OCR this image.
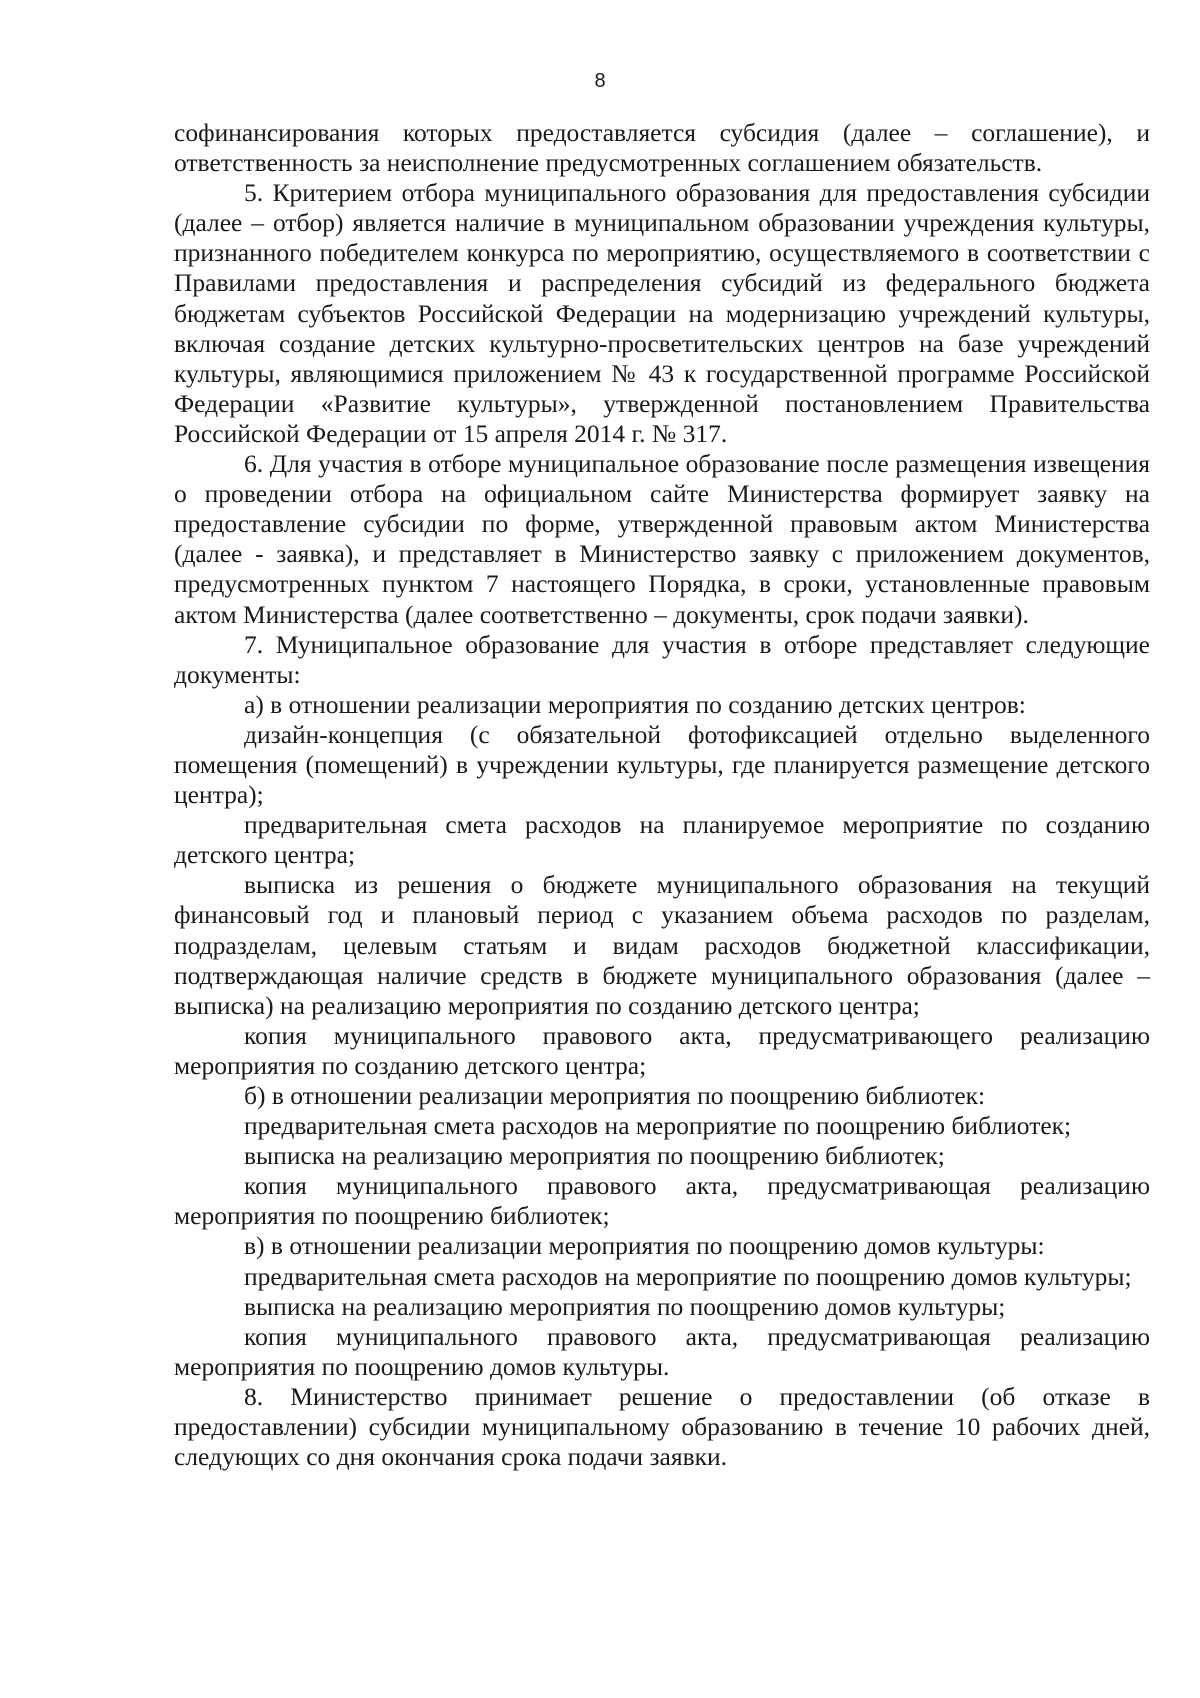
8

софинансирования которых предоставляется субсидия (далее – соглашение), и ответственность за неисполнение предусмотренных соглашением обязательств.

5. Критерием отбора муниципального образования для предоставления субсидии (далее – отбор) является наличие в муниципальном образовании учреждения культуры, признанного победителем конкурса по мероприятию, осуществляемого в соответствии с Правилами предоставления и распределения субсидий из федерального бюджета бюджетам субъектов Российской Федерации на модернизацию учреждений культуры, включая создание детских культурно-просветительских центров на базе учреждений культуры, являющимися приложением № 43 к государственной программе Российской Федерации «Развитие культуры», утвержденной постановлением Правительства Российской Федерации от 15 апреля 2014 г. № 317.

6. Для участия в отборе муниципальное образование после размещения извещения о проведении отбора на официальном сайте Министерства формирует заявку на предоставление субсидии по форме, утвержденной правовым актом Министерства (далее - заявка), и представляет в Министерство заявку с приложением документов, предусмотренных пунктом 7 настоящего Порядка, в сроки, установленные правовым актом Министерства (далее соответственно – документы, срок подачи заявки).

7. Муниципальное образование для участия в отборе представляет следующие документы:

а) в отношении реализации мероприятия по созданию детских центров:

дизайн-концепция (с обязательной фотофиксацией отдельно выделенного помещения (помещений) в учреждении культуры, где планируется размещение детского центра);

предварительная смета расходов на планируемое мероприятие по созданию детского центра;

выписка из решения о бюджете муниципального образования на текущий финансовый год и плановый период с указанием объема расходов по разделам, подразделам, целевым статьям и видам расходов бюджетной классификации, подтверждающая наличие средств в бюджете муниципального образования (далее – выписка) на реализацию мероприятия по созданию детского центра;

копия муниципального правового акта, предусматривающего реализацию мероприятия по созданию детского центра;

б) в отношении реализации мероприятия по поощрению библиотек:

предварительная смета расходов на мероприятие по поощрению библиотек;

выписка на реализацию мероприятия по поощрению библиотек;

копия муниципального правового акта, предусматривающая реализацию мероприятия по поощрению библиотек;

в) в отношении реализации мероприятия по поощрению домов культуры:

предварительная смета расходов на мероприятие по поощрению домов культуры;

выписка на реализацию мероприятия по поощрению домов культуры;

копия муниципального правового акта, предусматривающая реализацию мероприятия по поощрению домов культуры.

8. Министерство принимает решение о предоставлении (об отказе в предоставлении) субсидии муниципальному образованию в течение 10 рабочих дней, следующих со дня окончания срока подачи заявки.
